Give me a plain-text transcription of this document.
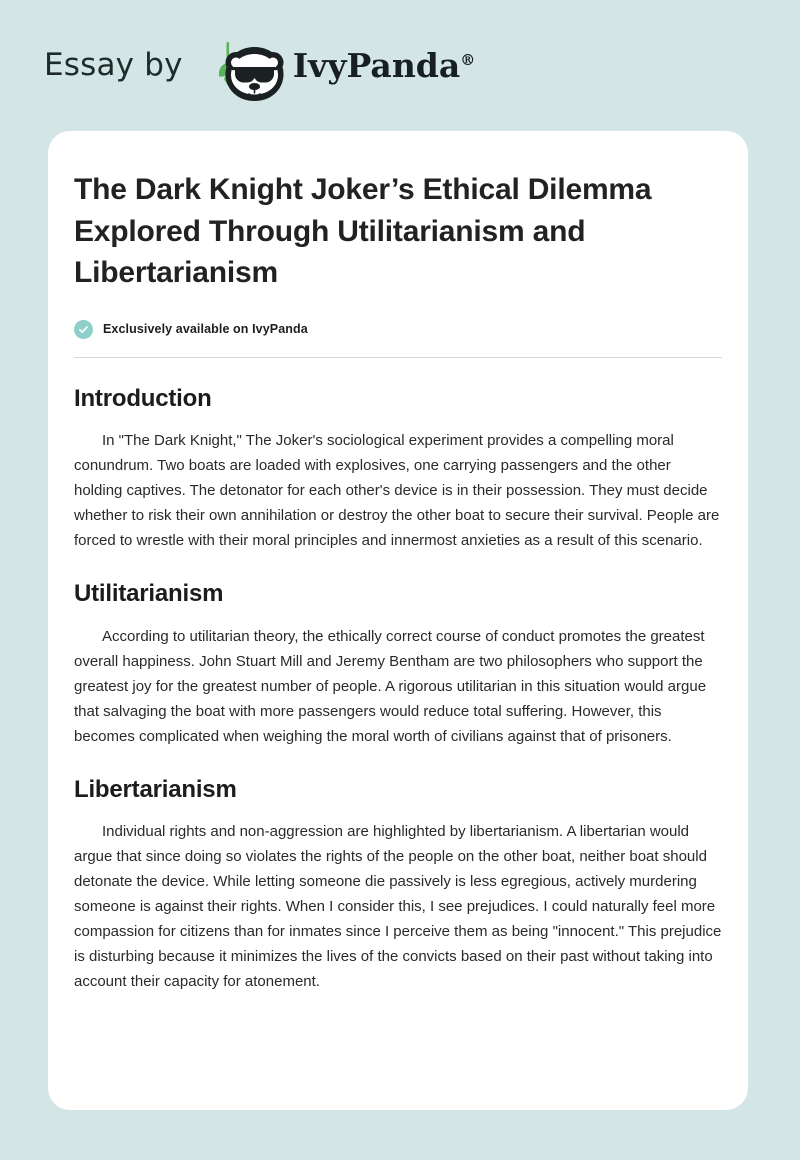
Essay by	IvyPanda®
The Dark Knight Joker’s Ethical Dilemma Explored Through Utilitarianism and Libertarianism
Exclusively available on IvyPanda
Introduction

In "The Dark Knight," The Joker's sociological experiment provides a compelling moral conundrum. Two boats are loaded with explosives, one carrying passengers and the other holding captives. The detonator for each other's device is in their possession. They must decide whether to risk their own annihilation or destroy the other boat to secure their survival. People are forced to wrestle with their moral principles and innermost anxieties as a result of this scenario.

Utilitarianism

According to utilitarian theory, the ethically correct course of conduct promotes the greatest overall happiness. John Stuart Mill and Jeremy Bentham are two philosophers who support the greatest joy for the greatest number of people. A rigorous utilitarian in this situation would argue that salvaging the boat with more passengers would reduce total suffering. However, this becomes complicated when weighing the moral worth of civilians against that of prisoners.

Libertarianism

Individual rights and non-aggression are highlighted by libertarianism. A libertarian would argue that since doing so violates the rights of the people on the other boat, neither boat should detonate the device. While letting someone die passively is less egregious, actively murdering someone is against their rights. When I consider this, I see prejudices. I could naturally feel more compassion for citizens than for inmates since I perceive them as being "innocent." This prejudice is disturbing because it minimizes the lives of the convicts based on their past without taking into account their capacity for atonement.
